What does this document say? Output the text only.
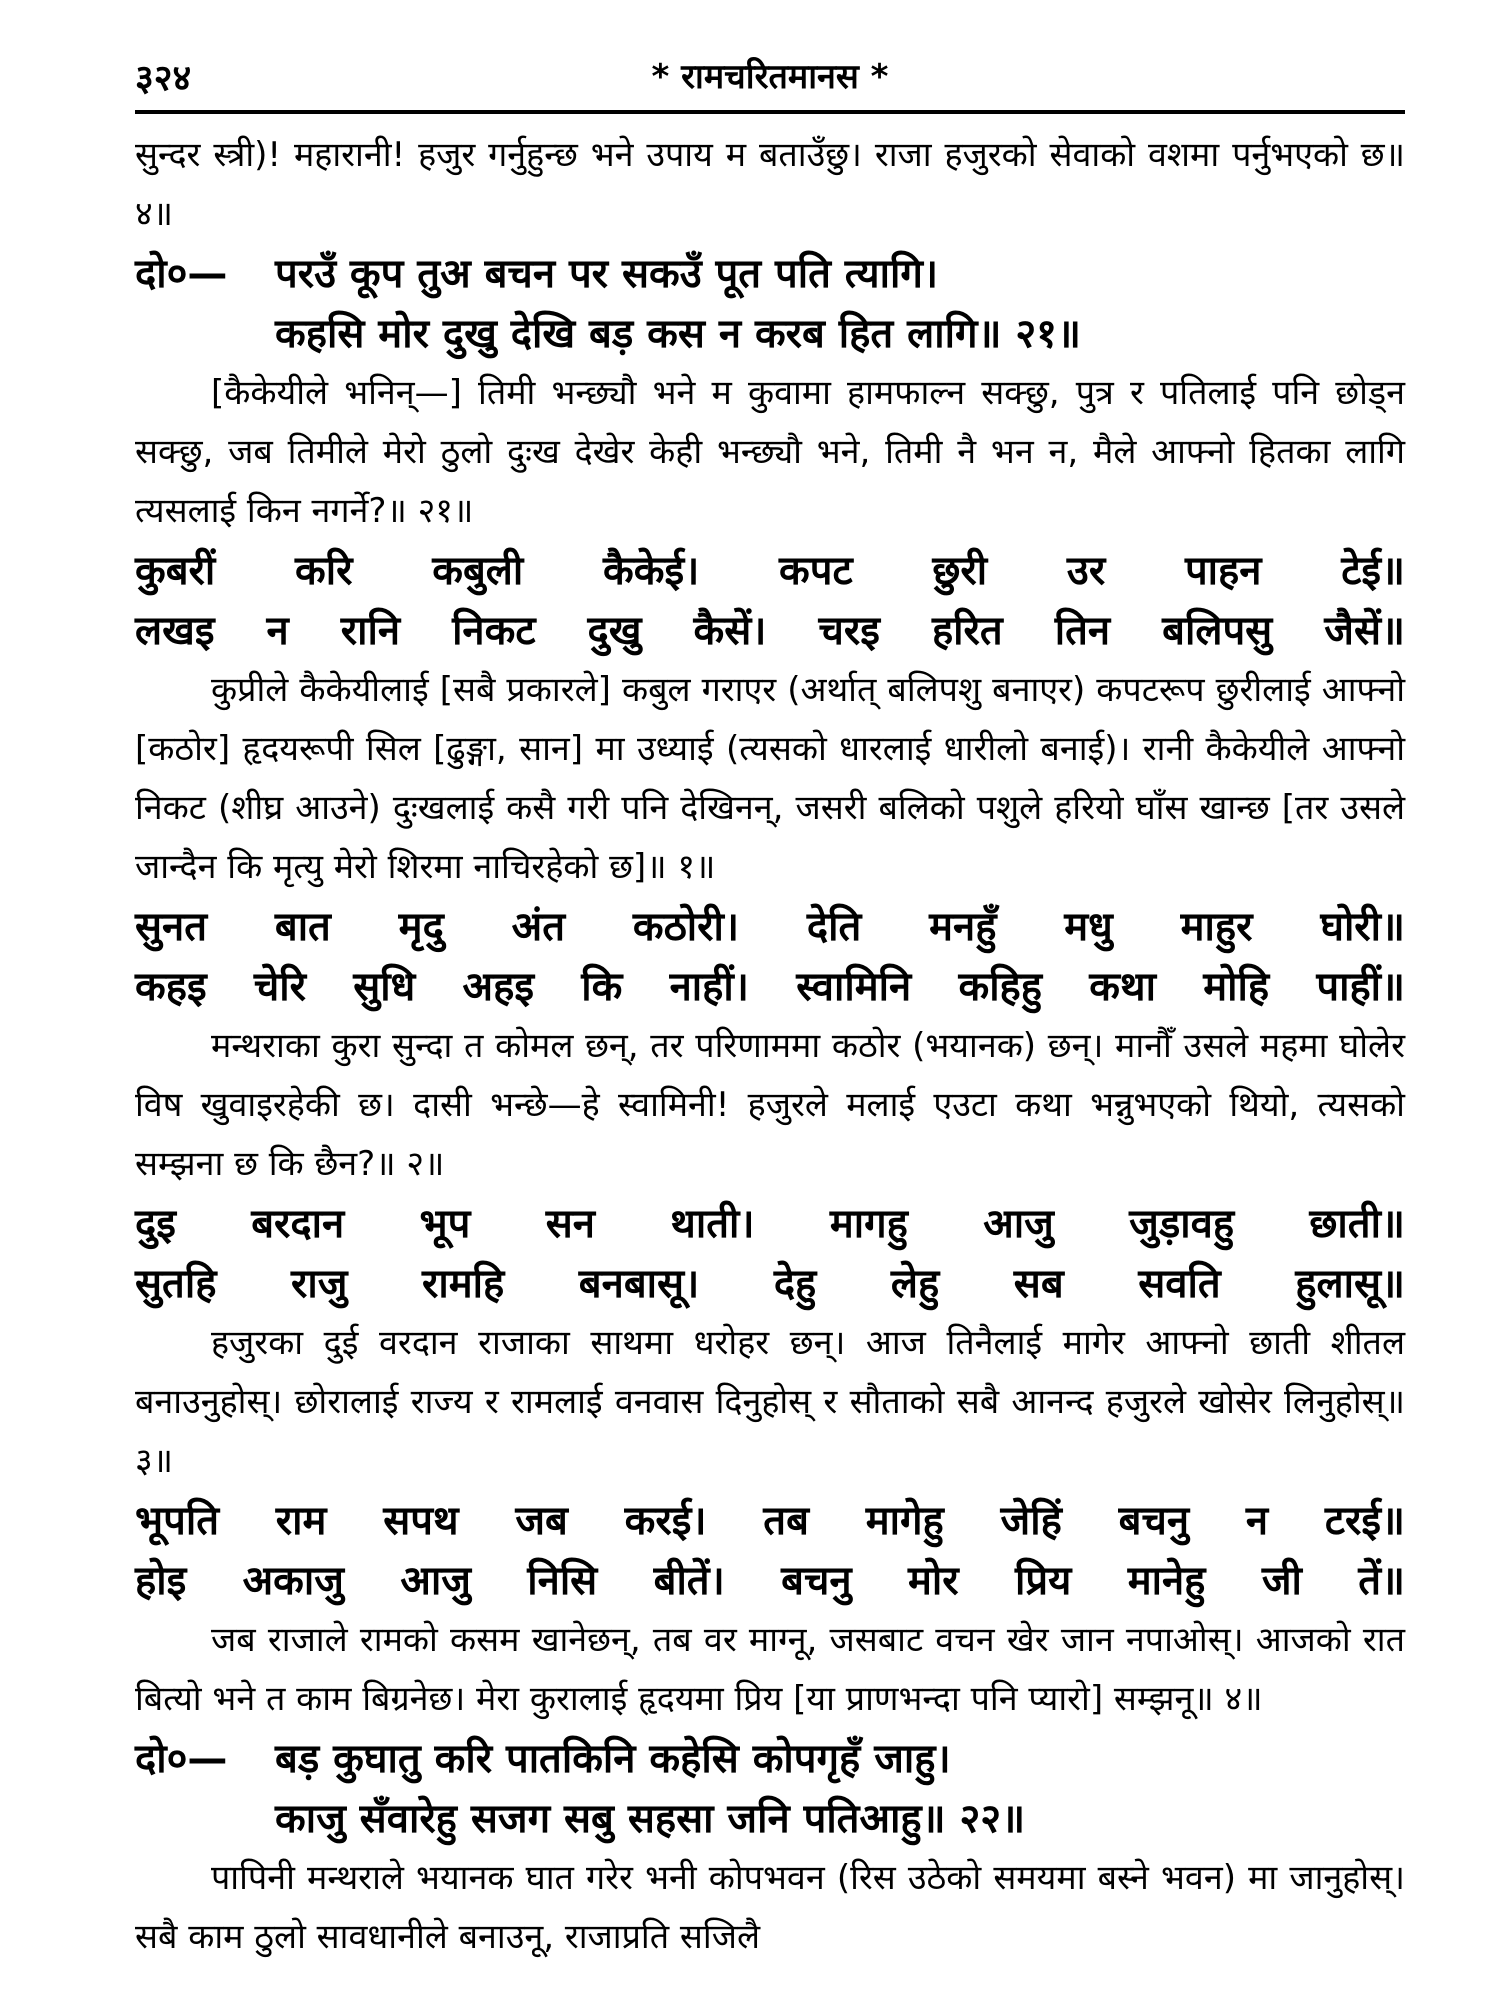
३२४	* रामचरितमानस *

सुन्दर स्त्री)! महारानी! हजुर गर्नुहुन्छ भने उपाय म बताउँछु। राजा हजुरको सेवाको वशमा पर्नुभएको छ॥ ४॥

दो०—	परउँ कूप तुअ बचन पर सकउँ पूत पति त्यागि।
कहसि मोर दुखु देखि बड़ कस न करब हित लागि॥ २१॥

[कैकेयीले भनिन्—] तिमी भन्छ्यौ भने म कुवामा हामफाल्न सक्छु, पुत्र र पतिलाई पनि छोड्न सक्छु, जब तिमीले मेरो ठुलो दुःख देखेर केही भन्छ्यौ भने, तिमी नै भन न, मैले आफ्नो हितका लागि त्यसलाई किन नगर्ने?॥ २१॥

कुबरीं करि कबुली कैकेई। कपट छुरी उर पाहन टेई॥
लखइ न रानि निकट दुखु कैसें। चरइ हरित तिन बलिपसु जैसें॥

कुप्रीले कैकेयीलाई [सबै प्रकारले] कबुल गराएर (अर्थात् बलिपशु बनाएर) कपटरूप छुरीलाई आफ्नो [कठोर] हृदयरूपी सिल [ढुङ्गा, सान] मा उध्याई (त्यसको धारलाई धारीलो बनाई)। रानी कैकेयीले आफ्नो निकट (शीघ्र आउने) दुःखलाई कसै गरी पनि देखिनन्, जसरी बलिको पशुले हरियो घाँस खान्छ [तर उसले जान्दैन कि मृत्यु मेरो शिरमा नाचिरहेको छ]॥ १॥

सुनत बात मृदु अंत कठोरी। देति मनहुँ मधु माहुर घोरी॥
कहइ चेरि सुधि अहइ कि नाहीं। स्वामिनि कहिहु कथा मोहि पाहीं॥

मन्थराका कुरा सुन्दा त कोमल छन्, तर परिणाममा कठोर (भयानक) छन्। मानौँ उसले महमा घोलेर विष खुवाइरहेकी छ। दासी भन्छे—हे स्वामिनी! हजुरले मलाई एउटा कथा भन्नुभएको थियो, त्यसको सम्झना छ कि छैन?॥ २॥

दुइ बरदान भूप सन थाती। मागहु आजु जुड़ावहु छाती॥
सुतहि राजु रामहि बनबासू। देहु लेहु सब सवति हुलासू॥

हजुरका दुई वरदान राजाका साथमा धरोहर छन्। आज तिनैलाई मागेर आफ्नो छाती शीतल बनाउनुहोस्। छोरालाई राज्य र रामलाई वनवास दिनुहोस् र सौताको सबै आनन्द हजुरले खोसेर लिनुहोस्॥ ३॥

भूपति राम सपथ जब करई। तब मागेहु जेहिं बचनु न टरई॥
होइ अकाजु आजु निसि बीतें। बचनु मोर प्रिय मानेहु जी तें॥

जब राजाले रामको कसम खानेछन्, तब वर माग्नू, जसबाट वचन खेर जान नपाओस्। आजको रात बित्यो भने त काम बिग्रनेछ। मेरा कुरालाई हृदयमा प्रिय [या प्राणभन्दा पनि प्यारो] सम्झनू॥ ४॥

दो०—	बड़ कुघातु करि पातकिनि कहेसि कोपगृहँ जाहु।
काजु सँवारेहु सजग सबु सहसा जनि पतिआहु॥ २२॥

पापिनी मन्थराले भयानक घात गरेर भनी कोपभवन (रिस उठेको समयमा बस्ने भवन) मा जानुहोस्। सबै काम ठुलो सावधानीले बनाउनू, राजाप्रति सजिलै
